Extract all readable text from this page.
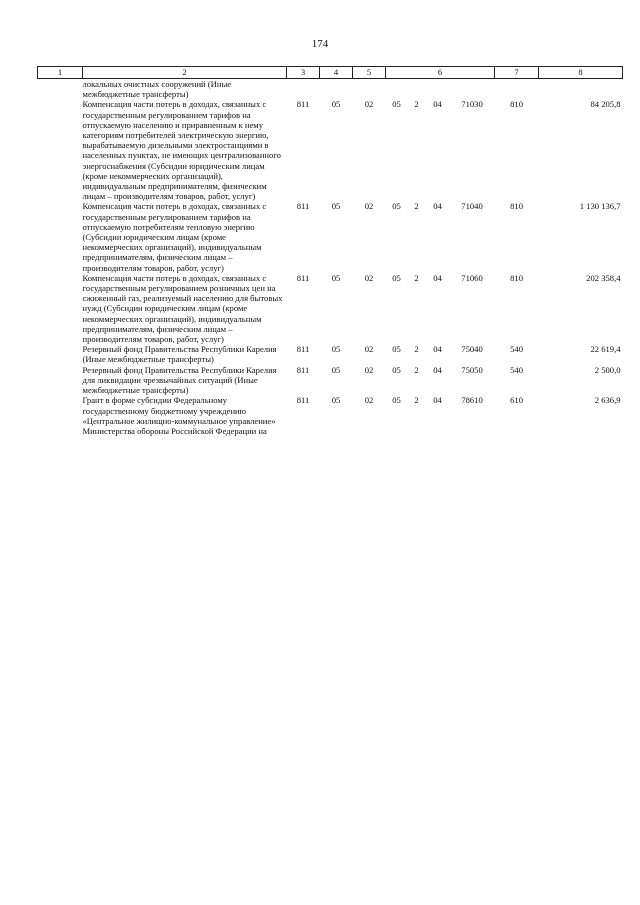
174
1	2	3	4	5	6				7	8
	локальных очистных сооружений (Иные межбюджетные трансферты)									
	Компенсация части потерь в доходах, связанных с государственным регулированием тарифов на отпускаемую населению и приравненным к нему категориям потребителей электрическую энергию, вырабатываемую дизельными электростанциями в населенных пунктах, не имеющих централизованного энергоснабжения (Субсидии юридическим лицам (кроме некоммерческих организаций), индивидуальным предпринимателям, физическим лицам – производителям товаров, работ, услуг)	811	05	02	05	2	04	71030	810	84 205,8
	Компенсация части потерь в доходах, связанных с государственным регулированием тарифов на отпускаемую потребителям тепловую энергию (Субсидии юридическим лицам (кроме некоммерческих организаций), индивидуальным предпринимателям, физическим лицам – производителям товаров, работ, услуг)	811	05	02	05	2	04	71040	810	1 130 136,7
	Компенсация части потерь в доходах, связанных с государственным регулированием розничных цен на сжиженный газ, реализуемый населению для бытовых нужд (Субсидии юридическим лицам (кроме некоммерческих организаций), индивидуальным предпринимателям, физическим лицам – производителям товаров, работ, услуг)	811	05	02	05	2	04	71060	810	202 358,4
	Резервный фонд Правительства Республики Карелия (Иные межбюджетные трансферты)	811	05	02	05	2	04	75040	540	22 619,4
	Резервный фонд Правительства Республики Карелия для ликвидации чрезвычайных ситуаций (Иные межбюджетные трансферты)	811	05	02	05	2	04	75050	540	2 500,0
	Грант в форме субсидии Федеральному государственному бюджетному учреждению «Центральное жилищно-коммунальное управление» Министерства обороны Российской Федерации на	811	05	02	05	2	04	78610	610	2 636,9
